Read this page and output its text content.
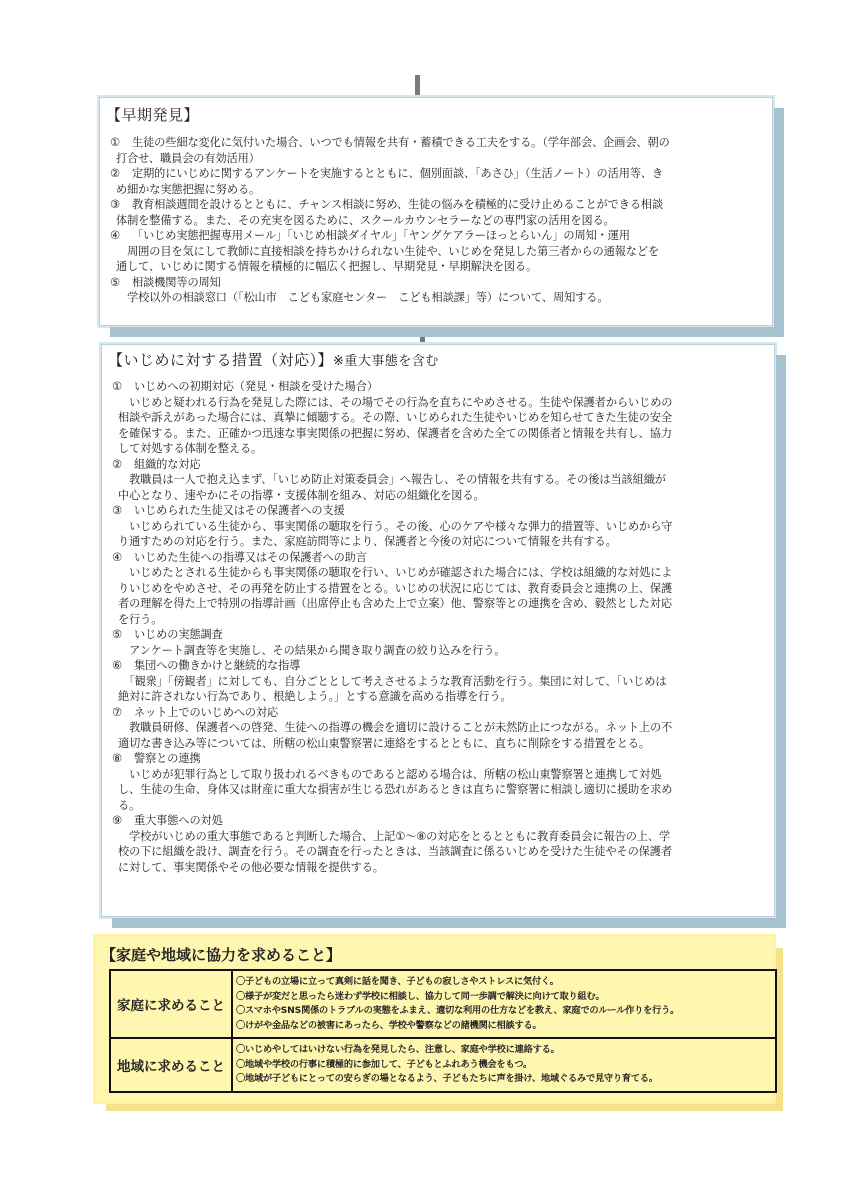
【早期発見】
① 生徒の些細な変化に気付いた場合、いつでも情報を共有・蓄積できる工夫をする。（学年部会、企画会、朝の
打合せ、職員会の有効活用）
② 定期的にいじめに関するアンケートを実施するとともに、個別面談、「あさひ」（生活ノート）の活用等、き
め細かな実態把握に努める。
③ 教育相談週間を設けるとともに、チャンス相談に努め、生徒の悩みを積極的に受け止めることができる相談
体制を整備する。また、その充実を図るために、スクールカウンセラーなどの専門家の活用を図る。
④ 「いじめ実態把握専用メール」「いじめ相談ダイヤル」「ヤングケアラーほっとらいん」の周知・運用
　周囲の目を気にして教師に直接相談を持ちかけられない生徒や、いじめを発見した第三者からの通報などを
通して、いじめに関する情報を積極的に幅広く把握し、早期発見・早期解決を図る。
⑤ 相談機関等の周知
　学校以外の相談窓口（「松山市　こども家庭センター　こども相談課」等）について、周知する。
【いじめに対する措置（対応）】※重大事態を含む
① いじめへの初期対応（発見・相談を受けた場合）
　いじめと疑われる行為を発見した際には、その場でその行為を直ちにやめさせる。生徒や保護者からいじめの
相談や訴えがあった場合には、真摯に傾聴する。その際、いじめられた生徒やいじめを知らせてきた生徒の安全
を確保する。また、正確かつ迅速な事実関係の把握に努め、保護者を含めた全ての関係者と情報を共有し、協力
して対処する体制を整える。
② 組織的な対応
　教職員は一人で抱え込まず、「いじめ防止対策委員会」へ報告し、その情報を共有する。その後は当該組織が
中心となり、速やかにその指導・支援体制を組み、対応の組織化を図る。
③ いじめられた生徒又はその保護者への支援
　いじめられている生徒から、事実関係の聴取を行う。その後、心のケアや様々な弾力的措置等、いじめから守
り通すための対応を行う。また、家庭訪問等により、保護者と今後の対応について情報を共有する。
④ いじめた生徒への指導又はその保護者への助言
　いじめたとされる生徒からも事実関係の聴取を行い、いじめが確認された場合には、学校は組織的な対処によ
りいじめをやめさせ、その再発を防止する措置をとる。いじめの状況に応じては、教育委員会と連携の上、保護
者の理解を得た上で特別の指導計画（出席停止も含めた上で立案）他、警察等との連携を含め、毅然とした対応
を行う。
⑤ いじめの実態調査
　アンケート調査等を実施し、その結果から聞き取り調査の絞り込みを行う。
⑥ 集団への働きかけと継続的な指導
　「観衆」「傍観者」に対しても、自分ごととして考えさせるような教育活動を行う。集団に対して、「いじめは
絶対に許されない行為であり、根絶しよう。」とする意識を高める指導を行う。
⑦ ネット上でのいじめへの対応
　教職員研修、保護者への啓発、生徒への指導の機会を適切に設けることが未然防止につながる。ネット上の不
適切な書き込み等については、所轄の松山東警察署に連絡をするとともに、直ちに削除をする措置をとる。
⑧ 警察との連携
　いじめが犯罪行為として取り扱われるべきものであると認める場合は、所轄の松山東警察署と連携して対処
し、生徒の生命、身体又は財産に重大な損害が生じる恐れがあるときは直ちに警察署に相談し適切に援助を求め
る。
⑨ 重大事態への対処
　学校がいじめの重大事態であると判断した場合、上記①～⑧の対応をとるとともに教育委員会に報告の上、学
校の下に組織を設け、調査を行う。その調査を行ったときは、当該調査に係るいじめを受けた生徒やその保護者
に対して、事実関係やその他必要な情報を提供する。
【家庭や地域に協力を求めること】
家庭に求めること	〇子どもの立場に立って真剣に話を聞き、子どもの寂しさやストレスに気付く。
〇様子が変だと思ったら迷わず学校に相談し、協力して同一歩調で解決に向けて取り組む。
〇スマホやSNS関係のトラブルの実態をふまえ、適切な利用の仕方などを教え、家庭でのルール作りを行う。
〇けがや金品などの被害にあったら、学校や警察などの諸機関に相談する。

地域に求めること	〇いじめやしてはいけない行為を発見したら、注意し、家庭や学校に連絡する。
〇地域や学校の行事に積極的に参加して、子どもとふれあう機会をもつ。
〇地域が子どもにとっての安らぎの場となるよう、子どもたちに声を掛け、地域ぐるみで見守り育てる。
